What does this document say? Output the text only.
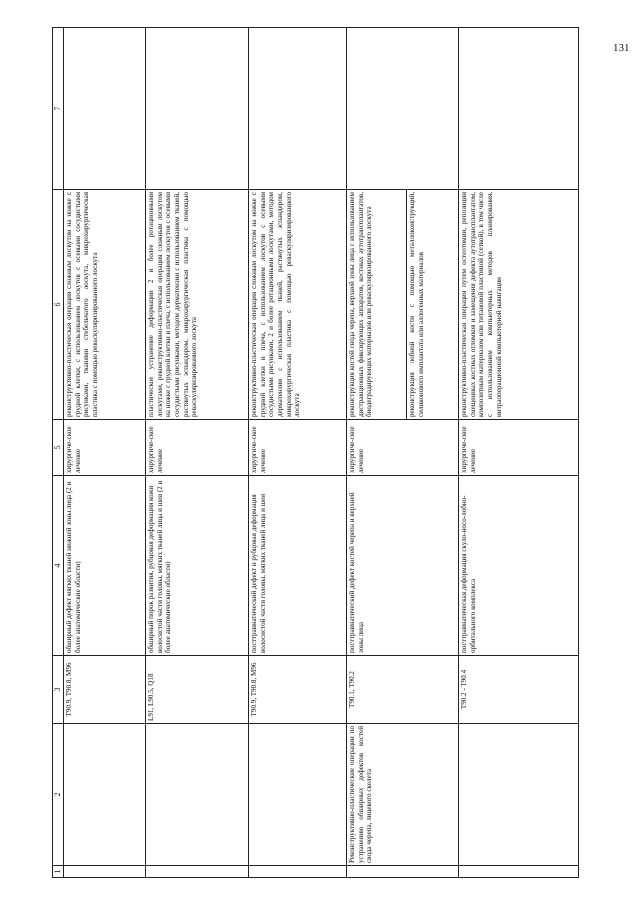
1	2	3	4	5	6	7
		T90.9, T90.8, M96	обширный дефект мягких тканей нижней зоны лица (2 и более анатомические области)	хирургиче-ское лечение	реконструктивно-пластическая операция сложным лоскутом на ножке с грудной клетки, с использованием лоскутов с осевыми сосудистыми рисунками, тканями стебельчатого лоскута, микрохирургическая пластика с помощью реваскуляризированного лоскута	
		L91, L90.5, Q18	обширный порок развития, рубцовая деформация кожи волосистой части головы, мягких тканей лица и шеи (2 и более анатомические области)	хирургиче-ское лечение	пластическое устранение деформации 2 и более ротационными лоскутами, реконструктивно-пластическая операция сложным лоскутом на ножке с грудной клетки и плеча, с использованием лоскутов с осевыми сосудистыми рисунками, методом дерматензии с использованием тканей, растянутых эспандером, микрохирургическая пластика с помощью реваскуляризированного лоскута	
		T90.9, T90.8, M96	посттравматический дефект и рубцовая деформация волосистой части головы, мягких тканей лица и шеи	хирургиче-ское лечение	реконструктивно-пластическая операция сложным лоскутом на ножке с грудной клетки и плеча, с использованием лоскутов с осевыми сосудистыми рисунками, 2 и более ротационными лоскутами, методом дерматензии с использованием тканей, растянутых эспандером, микрохирургическая пластика с помощью реваскуляризированного лоскута	
	Реконструктивно-пластические операции по устранению обширных дефектов костей свода черепа, лицевого скелета	T90.1, T90.2	посттравматический дефект костей черепа и верхней зоны лица	хирургиче-ское лечение	реконструкция костей свода черепа, верхней зоны лица с использованием дистракционных фиксирующих аппаратов, костных аутотрансплантатов, биодеградирующих материалов или реваскуляризированного лоскута	
					реконструкция лобной кости с помощью металлоконструкций, силиконового имплантата или аллогенных материалов	
		T90.2 - T90.4	посттравматическая деформация скуло-носо-лобно-орбитального комплекса	хирургиче-ское лечение	реконструктивно-пластическая операция путем остеотомии, репозиции смещенных костных отломков и замещения дефекта аутотрансплантатом, композитным материалом или титановой пластиной (сеткой), в том числе с использованием компьютерных методов планирования, интраоперационной компьютерной навигации	
131
